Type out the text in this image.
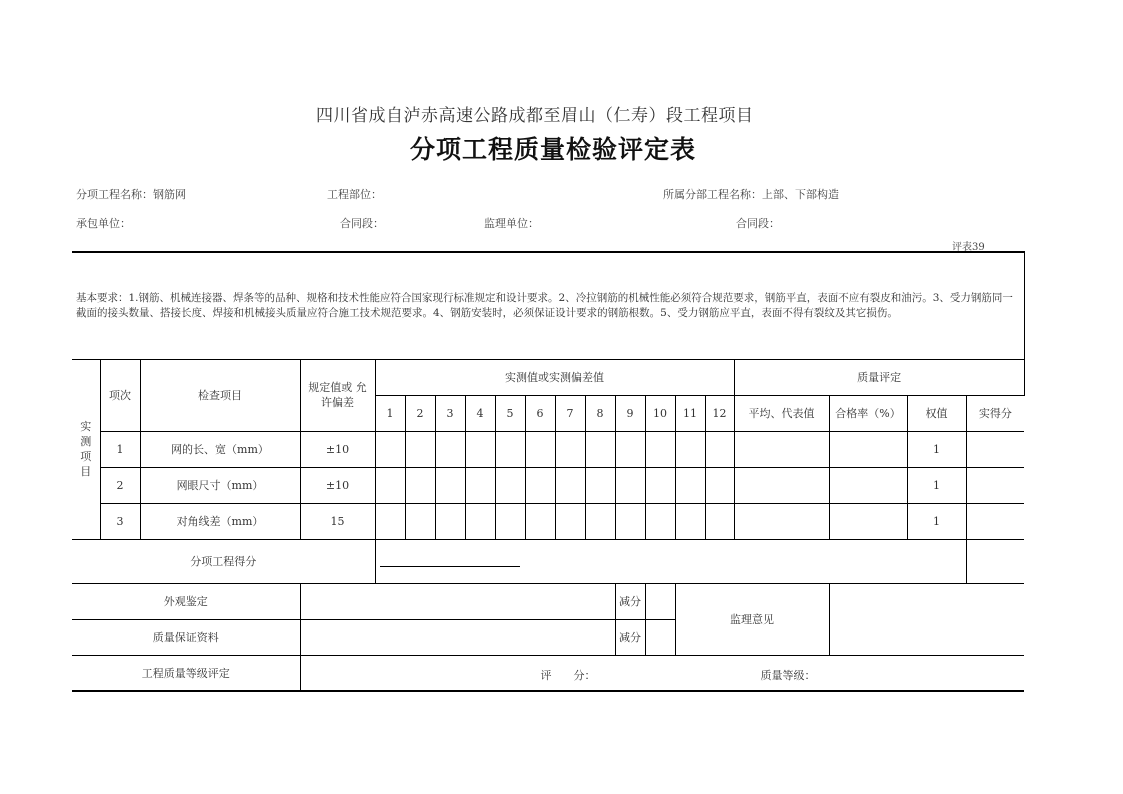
四川省成自泸赤高速公路成都至眉山（仁寿）段工程项目
分项工程质量检验评定表
分项工程名称：钢筋网	工程部位：	所属分部工程名称：上部、下部构造
承包单位：	合同段：	监理单位：	合同段：
评表39
基本要求：1.钢筋、机械连接器、焊条等的品种、规格和技术性能应符合国家现行标准规定和设计要求。2、冷拉钢筋的机械性能必须符合规范要求，钢筋平直，表面不应有裂皮和油污。3、受力钢筋同一截面的接头数量、搭接长度、焊接和机械接头质量应符合施工技术规范要求。4、钢筋安装时，必须保证设计要求的钢筋根数。5、受力钢筋应平直，表面不得有裂纹及其它损伤。																			
实
测
项
目	项次	检查项目	规定值或 允许偏差	实测值或实测偏差值												质量评定			
				1	2	3	4	5	6	7	8	9	10	11	12	平均、代表值	合格率（%）	权值	实得分
	1	网的长、宽（mm）	±10															1	
	2	网眼尺寸（mm）	±10															1	
	3	对角线差（mm）	15															1	
分项工程得分																		

外观鉴定												减分		监理意见					
质量保证资料												减分							
工程质量等级评定			评　　分： 质量等级：																
